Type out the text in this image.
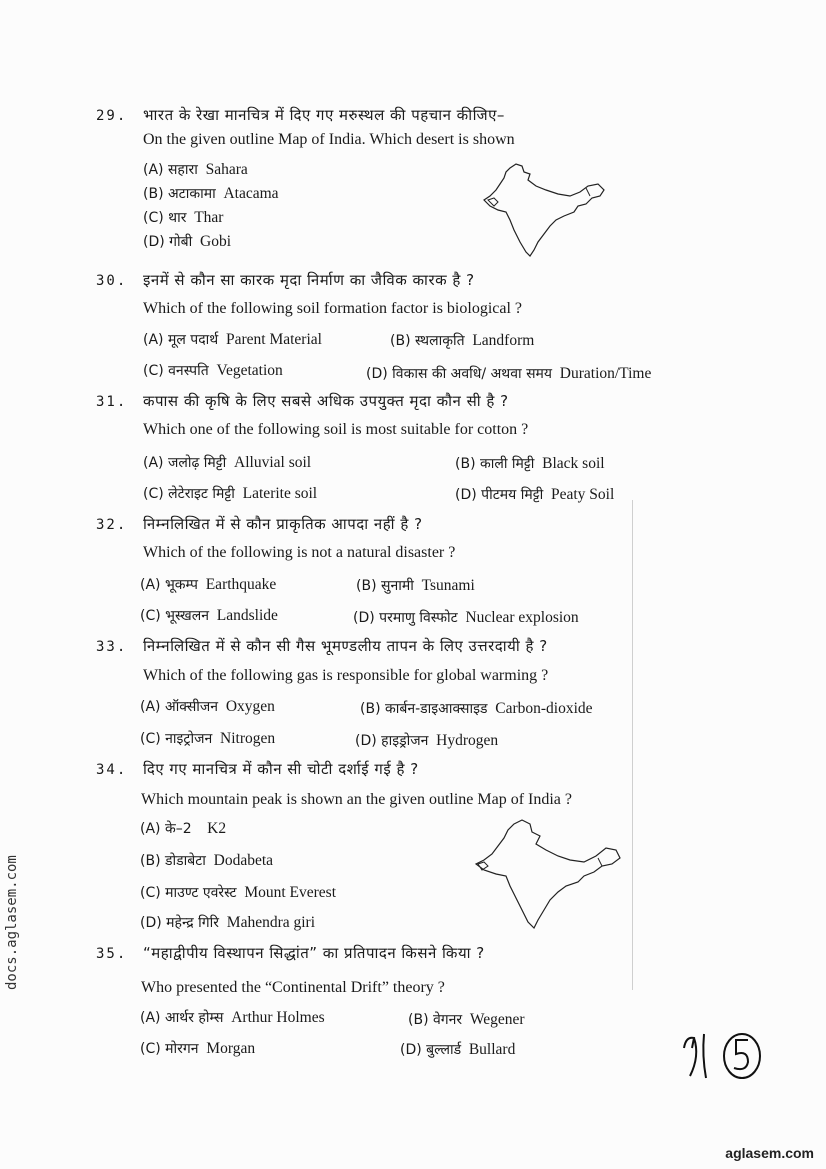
29. भारत के रेखा मानचित्र में दिए गए मरुस्थल की पहचान कीजिए–
On the given outline Map of India. Which desert is shown
(A) सहारा Sahara
(B) अटाकामा Atacama
(C) थार Thar
(D) गोबी Gobi
30. इनमें से कौन सा कारक मृदा निर्माण का जैविक कारक है ?
Which of the following soil formation factor is biological ?
(A) मूल पदार्थ Parent Material	(B) स्थलाकृति Landform
(C) वनस्पति Vegetation	(D) विकास की अवधि/ अथवा समय Duration/Time
31. कपास की कृषि के लिए सबसे अधिक उपयुक्त मृदा कौन सी है ?
Which one of the following soil is most suitable for cotton ?
(A) जलोढ़ मिट्टी Alluvial soil	(B) काली मिट्टी Black soil
(C) लेटेराइट मिट्टी Laterite soil	(D) पीटमय मिट्टी Peaty Soil
32. निम्नलिखित में से कौन प्राकृतिक आपदा नहीं है ?
Which of the following is not a natural disaster ?
(A) भूकम्प Earthquake	(B) सुनामी Tsunami
(C) भूस्खलन Landslide	(D) परमाणु विस्फोट Nuclear explosion
33. निम्नलिखित में से कौन सी गैस भूमण्डलीय तापन के लिए उत्तरदायी है ?
Which of the following gas is responsible for global warming ?
(A) ऑक्सीजन Oxygen	(B) कार्बन-डाइआक्साइड Carbon-dioxide
(C) नाइट्रोजन Nitrogen	(D) हाइड्रोजन Hydrogen
34. दिए गए मानचित्र में कौन सी चोटी दर्शाई गई है ?
Which mountain peak is shown an the given outline Map of India ?
(A) के–2 K2
(B) डोडाबेटा Dodabeta
(C) माउण्ट एवरेस्ट Mount Everest
(D) महेन्द्र गिरि Mahendra giri
35. “महाद्वीपीय विस्थापन सिद्धांत” का प्रतिपादन किसने किया ?
Who presented the “Continental Drift” theory ?
(A) आर्थर होम्स Arthur Holmes	(B) वेगनर Wegener
(C) मोरगन Morgan	(D) बुल्लार्ड Bullard
docs.aglasem.com
aglasem.com
